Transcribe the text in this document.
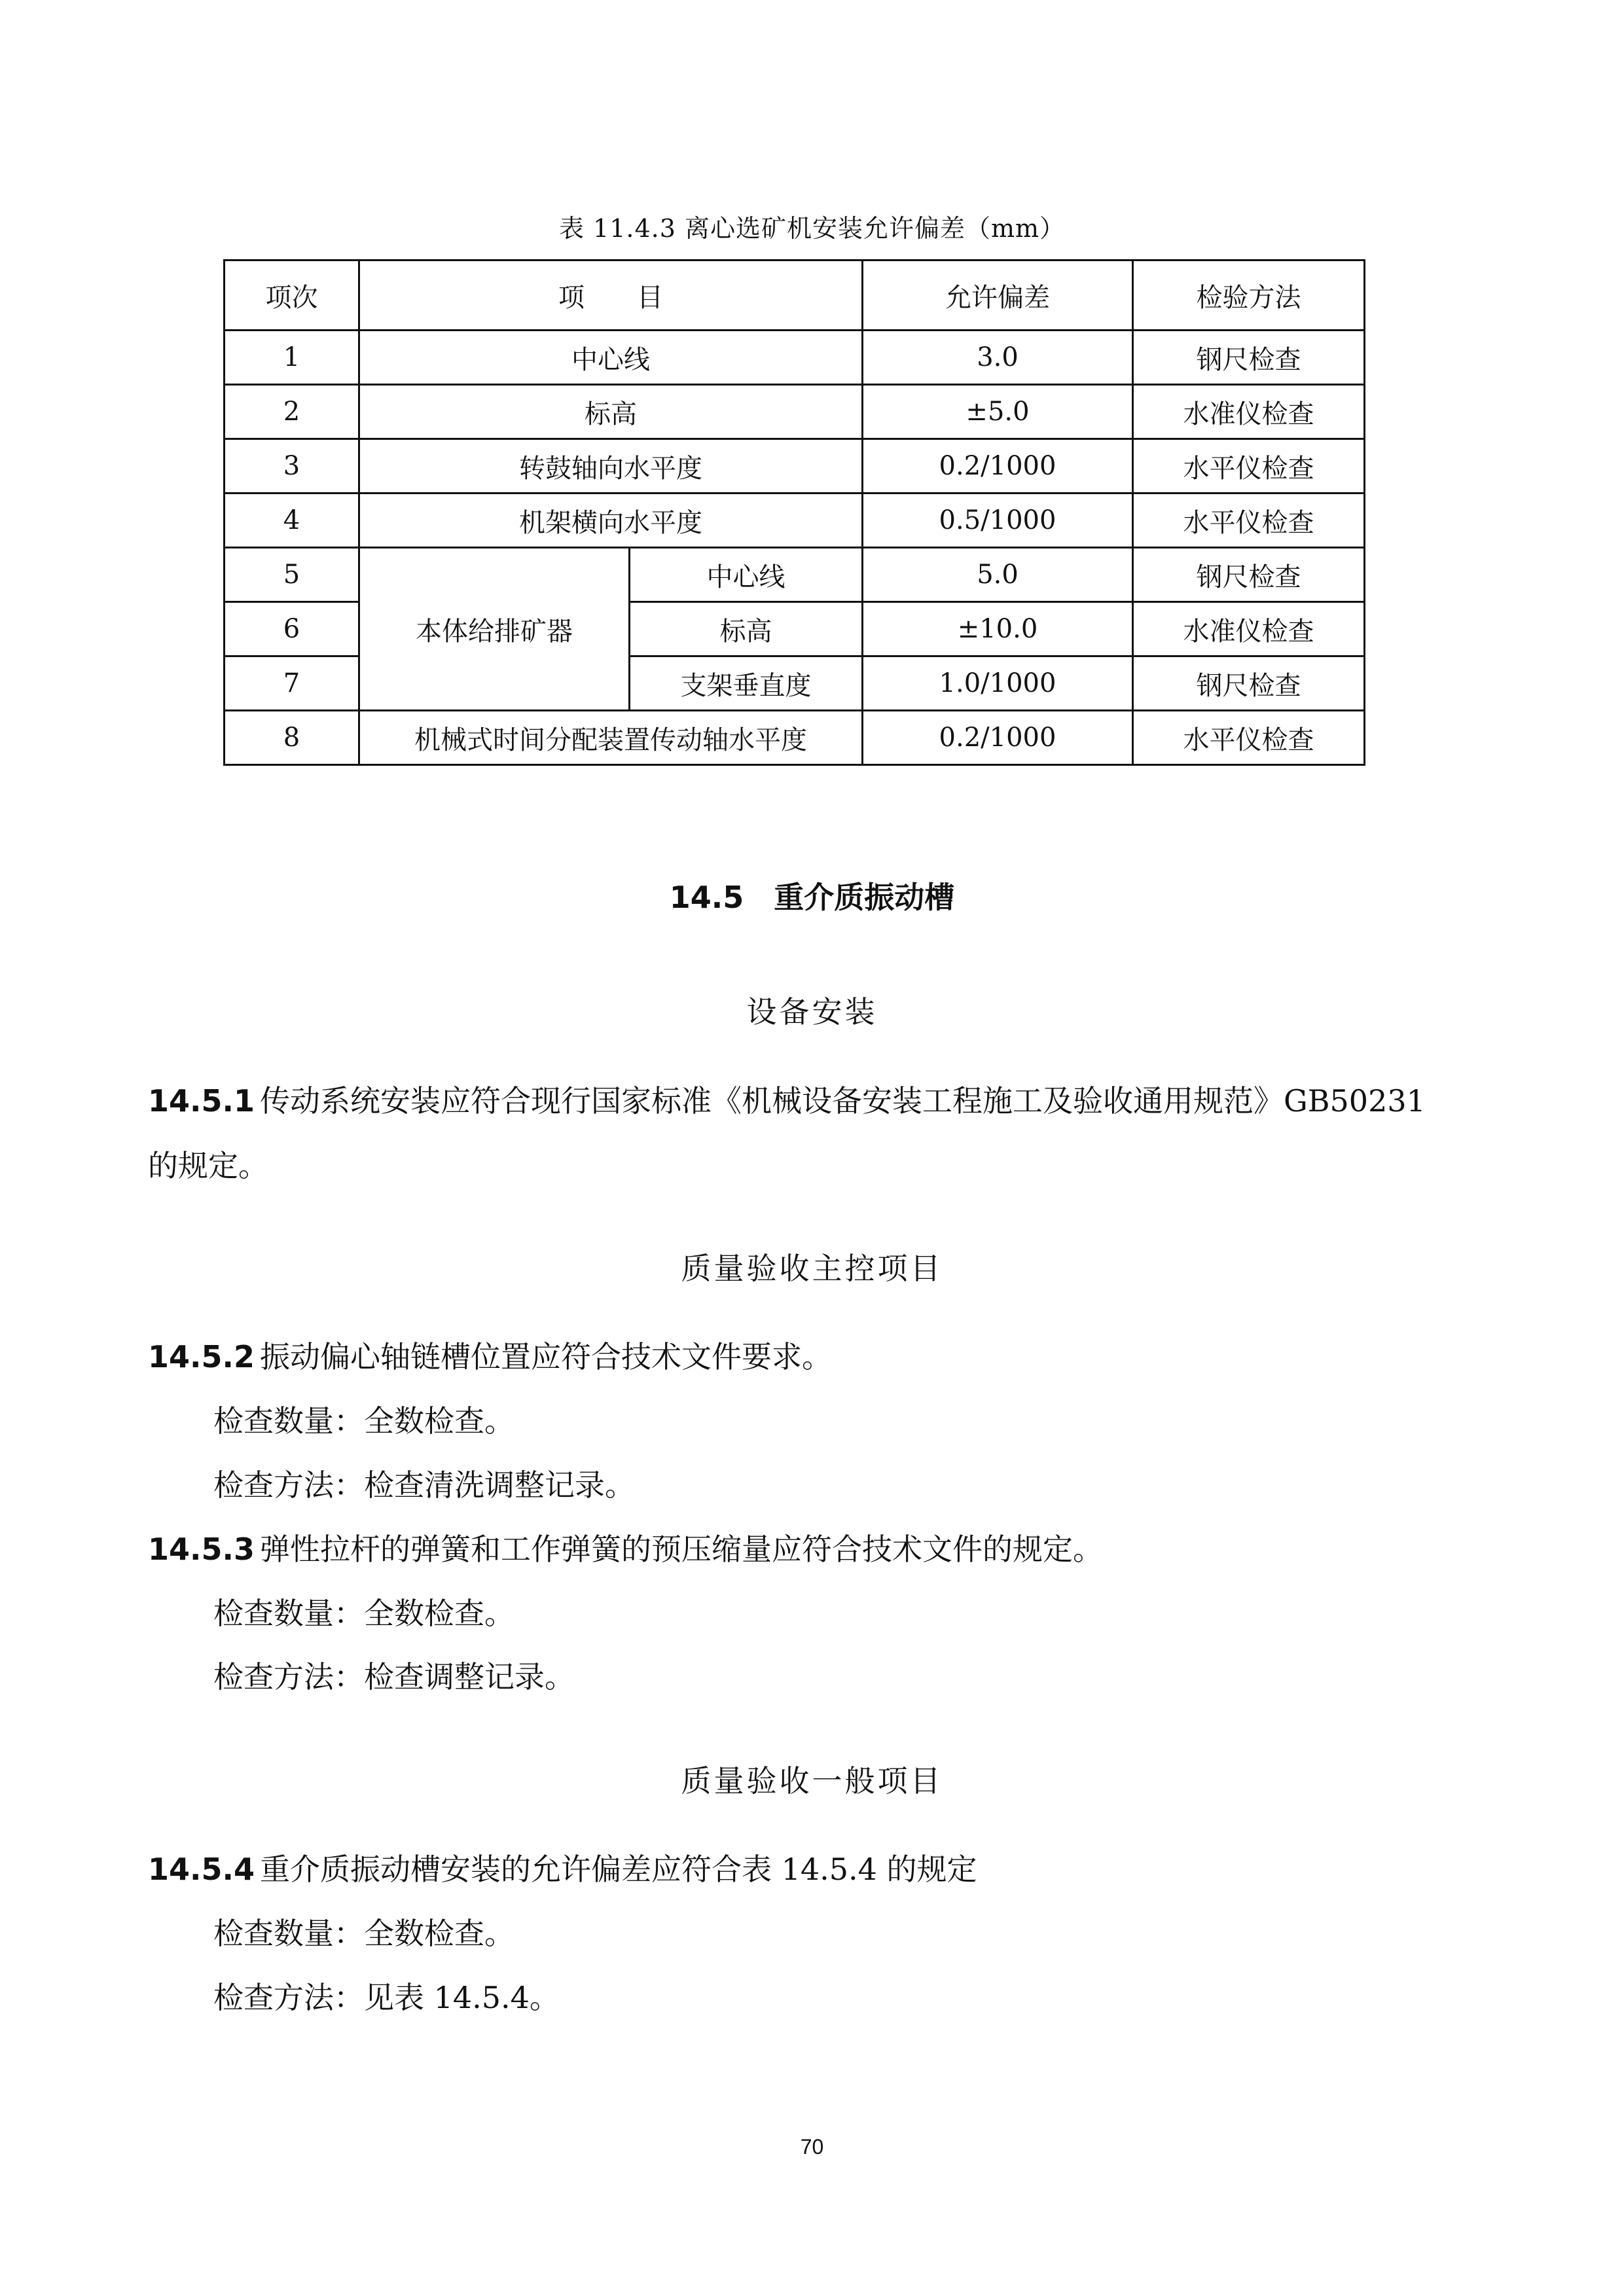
表 11.4.3 离心选矿机安装允许偏差（mm）
项次	项　　目		允许偏差	检验方法
1	中心线		3.0	钢尺检查
2	标高		±5.0	水准仪检查
3	转鼓轴向水平度		0.2/1000	水平仪检查
4	机架横向水平度		0.5/1000	水平仪检查
5	本体给排矿器	中心线	5.0	钢尺检查
6		标高	±10.0	水准仪检查
7		支架垂直度	1.0/1000	钢尺检查
8	机械式时间分配装置传动轴水平度		0.2/1000	水平仪检查
14.5 重介质振动槽
设备安装
14.5.1 传动系统安装应符合现行国家标准《机械设备安装工程施工及验收通用规范》GB50231
的规定。
质量验收主控项目
14.5.2 振动偏心轴链槽位置应符合技术文件要求。
检查数量：全数检查。
检查方法：检查清洗调整记录。
14.5.3 弹性拉杆的弹簧和工作弹簧的预压缩量应符合技术文件的规定。
检查数量：全数检查。
检查方法：检查调整记录。
质量验收一般项目
14.5.4 重介质振动槽安装的允许偏差应符合表 14.5.4 的规定
检查数量：全数检查。
检查方法：见表 14.5.4。
70
